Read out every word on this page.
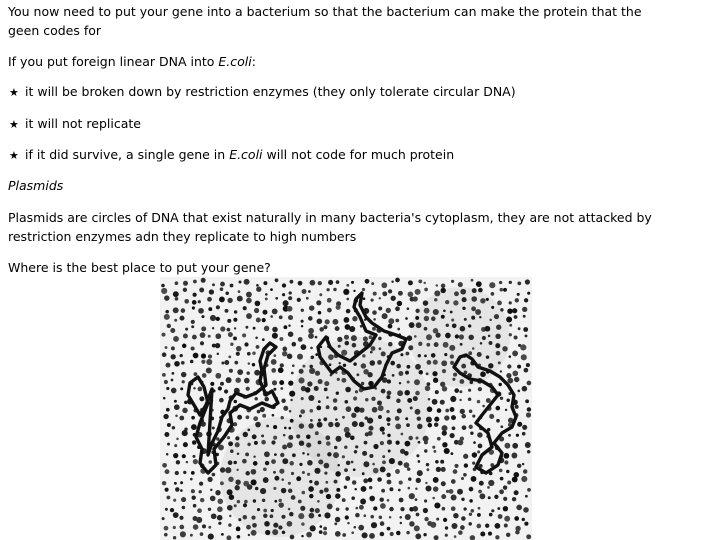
You now need to put your gene into a bacterium so that the bacterium can make the protein that the geen codes for

If you put foreign linear DNA into E.coli:

★ it will be broken down by restriction enzymes (they only tolerate circular DNA)

★ it will not replicate

★ if it did survive, a single gene in E.coli will not code for much protein

Plasmids

Plasmids are circles of DNA that exist naturally in many bacteria's cytoplasm, they are not attacked by restriction enzymes adn they replicate to high numbers

Where is the best place to put your gene?
